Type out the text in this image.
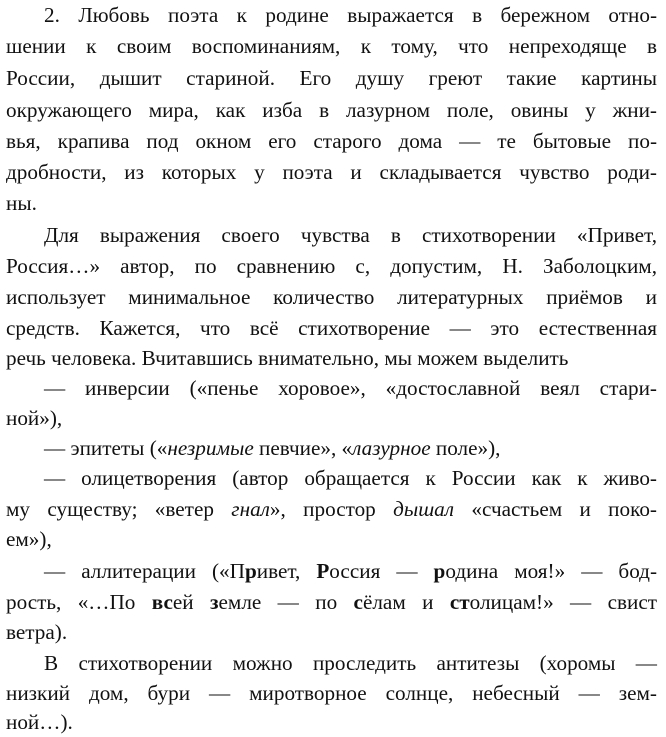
2. Любовь поэта к родине выражается в бережном отно-
шении к своим воспоминаниям, к тому, что непреходяще в
России, дышит стариной. Его душу греют такие картины
окружающего мира, как изба в лазурном поле, овины у жни-
вья, крапива под окном его старого дома — те бытовые по-
дробности, из которых у поэта и складывается чувство роди-
ны.
Для выражения своего чувства в стихотворении «Привет,
Россия…» автор, по сравнению с, допустим, Н. Заболоцким,
использует минимальное количество литературных приёмов и
средств. Кажется, что всё стихотворение — это естественная
речь человека. Вчитавшись внимательно, мы можем выделить
— инверсии («пенье хоровое», «достославной веял стари-
ной»),
— эпитеты («незримые певчие», «лазурное поле»),
— олицетворения (автор обращается к России как к живо-
му существу; «ветер гнал», простор дышал «счастьем и поко-
ем»),
— аллитерации («Привет, Россия — родина моя!» — бод-
рость, «…По всей земле — по сёлам и столицам!» — свист
ветра).
В стихотворении можно проследить антитезы (хоромы —
низкий дом, бури — миротворное солнце, небесный — зем-
ной…).
